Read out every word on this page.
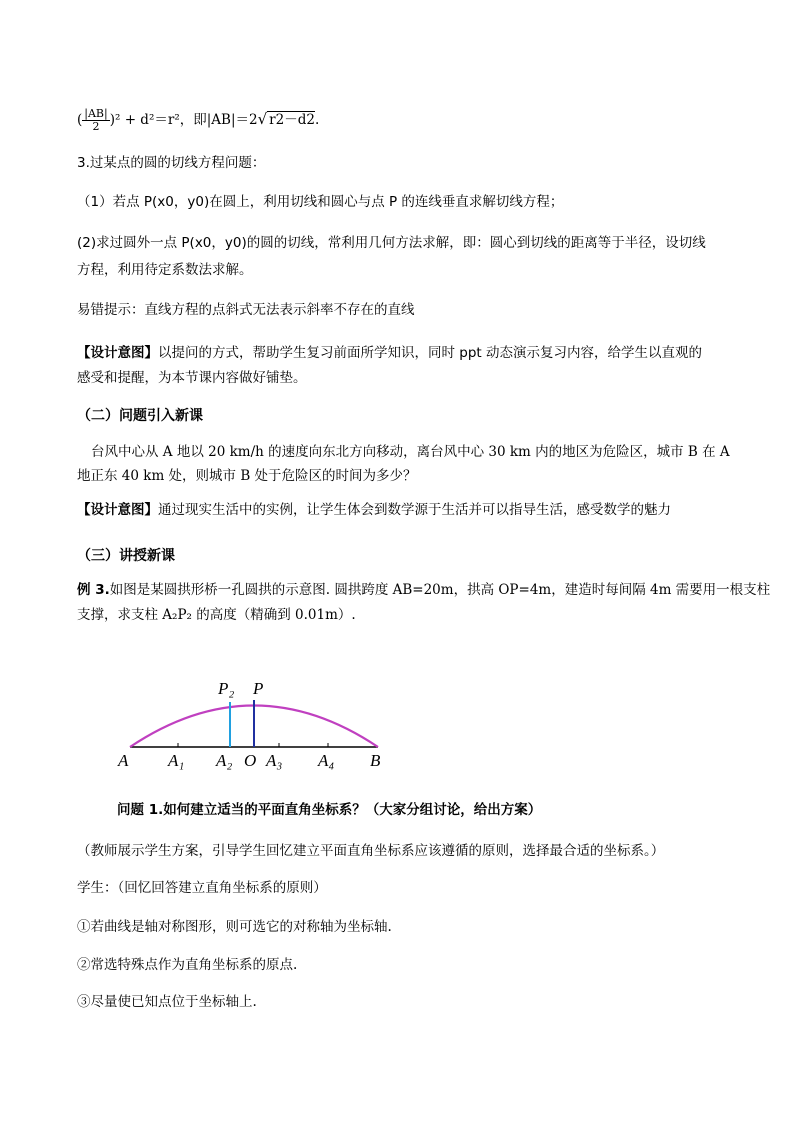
( $\frac{|AB|}{2} )^2 + d^2=r^2$，即|AB|＝2√ r2－d2.
3.过某点的圆的切线方程问题：
（1）若点 P(x0，y0)在圆上，利用切线和圆心与点 P 的连线垂直求解切线方程；
(2)求过圆外一点 P(x0，y0)的圆的切线，常利用几何方法求解，即：圆心到切线的距离等于半径，设切线
方程，利用待定系数法求解。
易错提示：直线方程的点斜式无法表示斜率不存在的直线
【设计意图】以提问的方式，帮助学生复习前面所学知识，同时 ppt 动态演示复习内容，给学生以直观的
感受和提醒，为本节课内容做好铺垫。
（二）问题引入新课
台风中心从 A 地以 20 km/h 的速度向东北方向移动，离台风中心 30 km 内的地区为危险区，城市 B 在 A
地正东 40 km 处，则城市 B 处于危险区的时间为多少？
【设计意图】通过现实生活中的实例，让学生体会到数学源于生活并可以指导生活，感受数学的魅力
（三）讲授新课
例 3.如图是某圆拱形桥一孔圆拱的示意图. 圆拱跨度 AB=20m，拱高 OP=4m，建造时每间隔 4m 需要用一根支柱
支撑，求支柱 A₂P₂ 的高度（精确到 0.01m）.
A A₁ A₂ O A₃ A₄ B
P₂ P
问题 1.如何建立适当的平面直角坐标系？（大家分组讨论，给出方案）
（教师展示学生方案，引导学生回忆建立平面直角坐标系应该遵循的原则，选择最合适的坐标系。）
学生：（回忆回答建立直角坐标系的原则）
①若曲线是轴对称图形，则可选它的对称轴为坐标轴.
②常选特殊点作为直角坐标系的原点.
③尽量使已知点位于坐标轴上.
